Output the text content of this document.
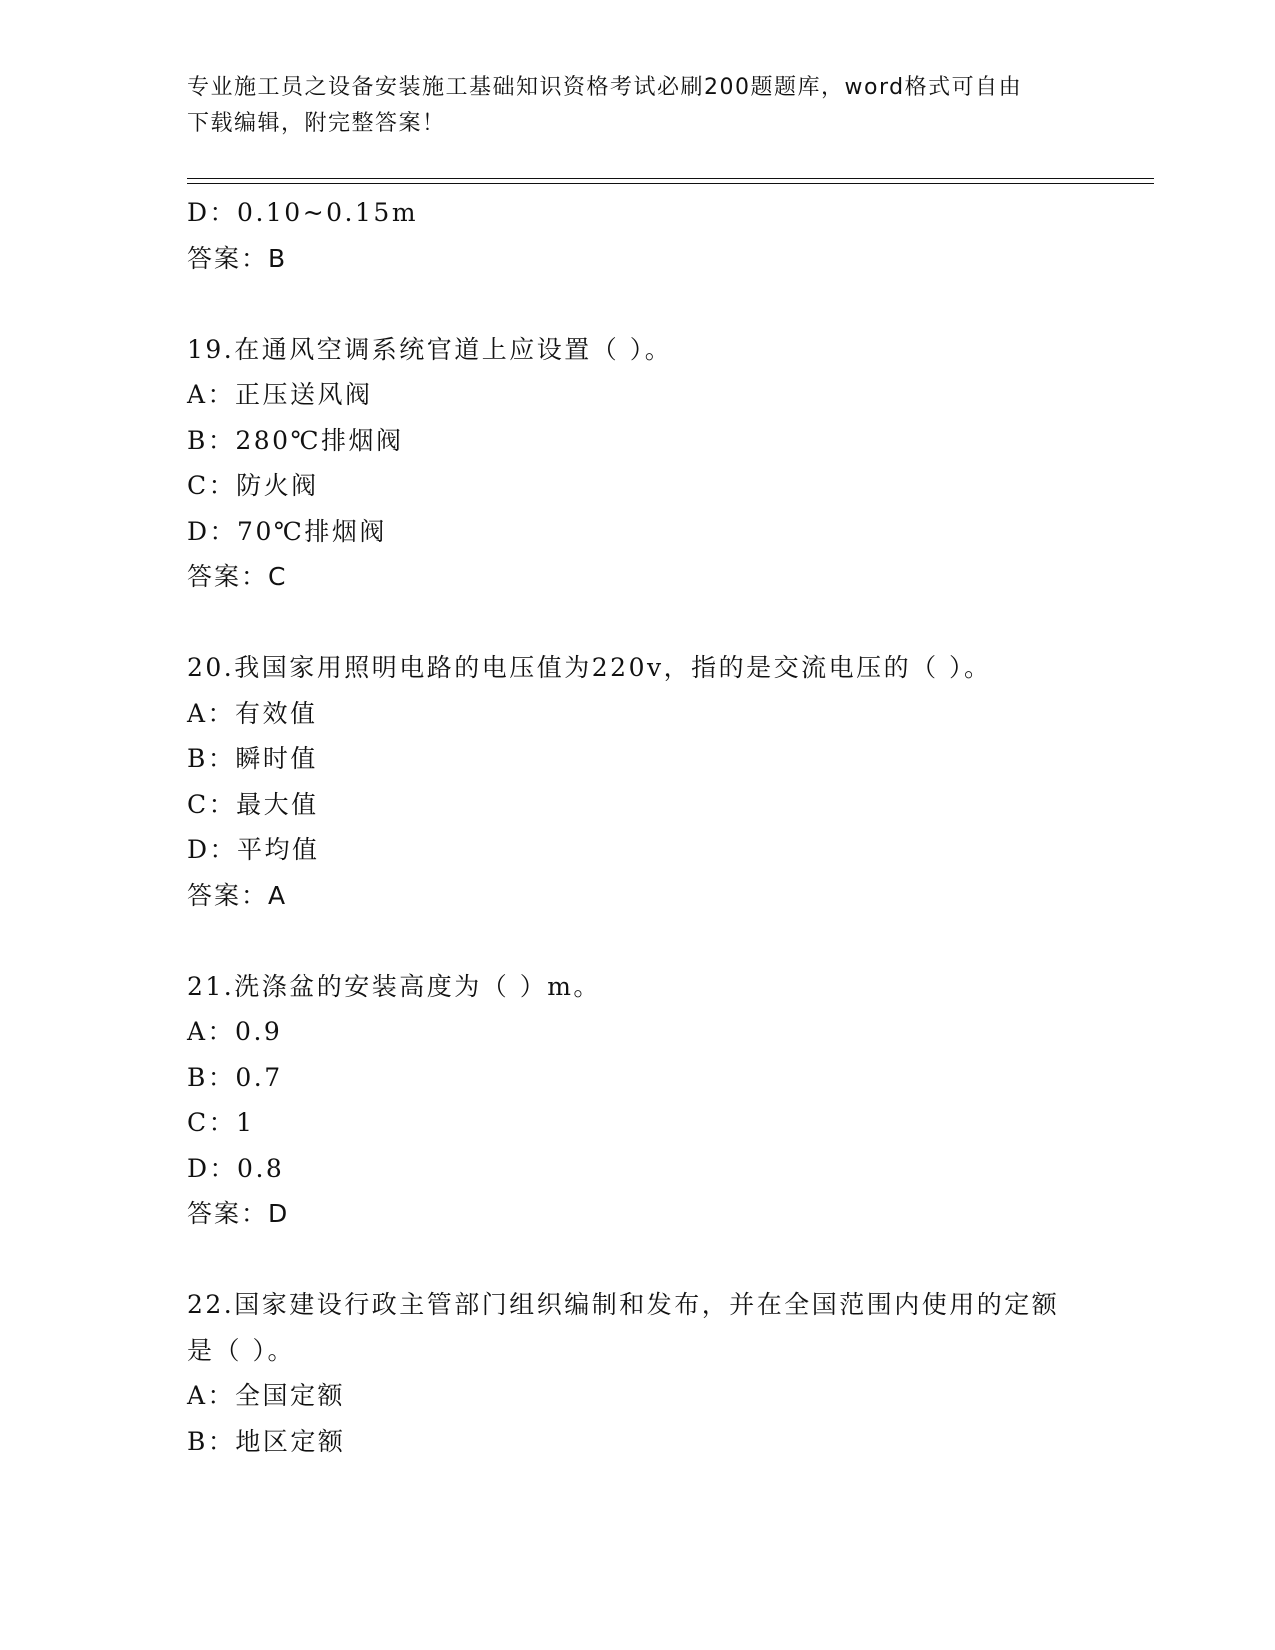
专业施工员之设备安装施工基础知识资格考试必刷200题题库，word格式可自由
下载编辑，附完整答案！
D：0.10~0.15m
答案：B
19.在通风空调系统官道上应设置（ ）。
A：正压送风阀
B：280℃排烟阀
C：防火阀
D：70℃排烟阀
答案：C
20.我国家用照明电路的电压值为220v，指的是交流电压的（ ）。
A：有效值
B：瞬时值
C：最大值
D：平均值
答案：A
21.洗涤盆的安装高度为（ ）m。
A：0.9
B：0.7
C：1
D：0.8
答案：D
22.国家建设行政主管部门组织编制和发布，并在全国范围内使用的定额是（ ）。
A：全国定额
B：地区定额
